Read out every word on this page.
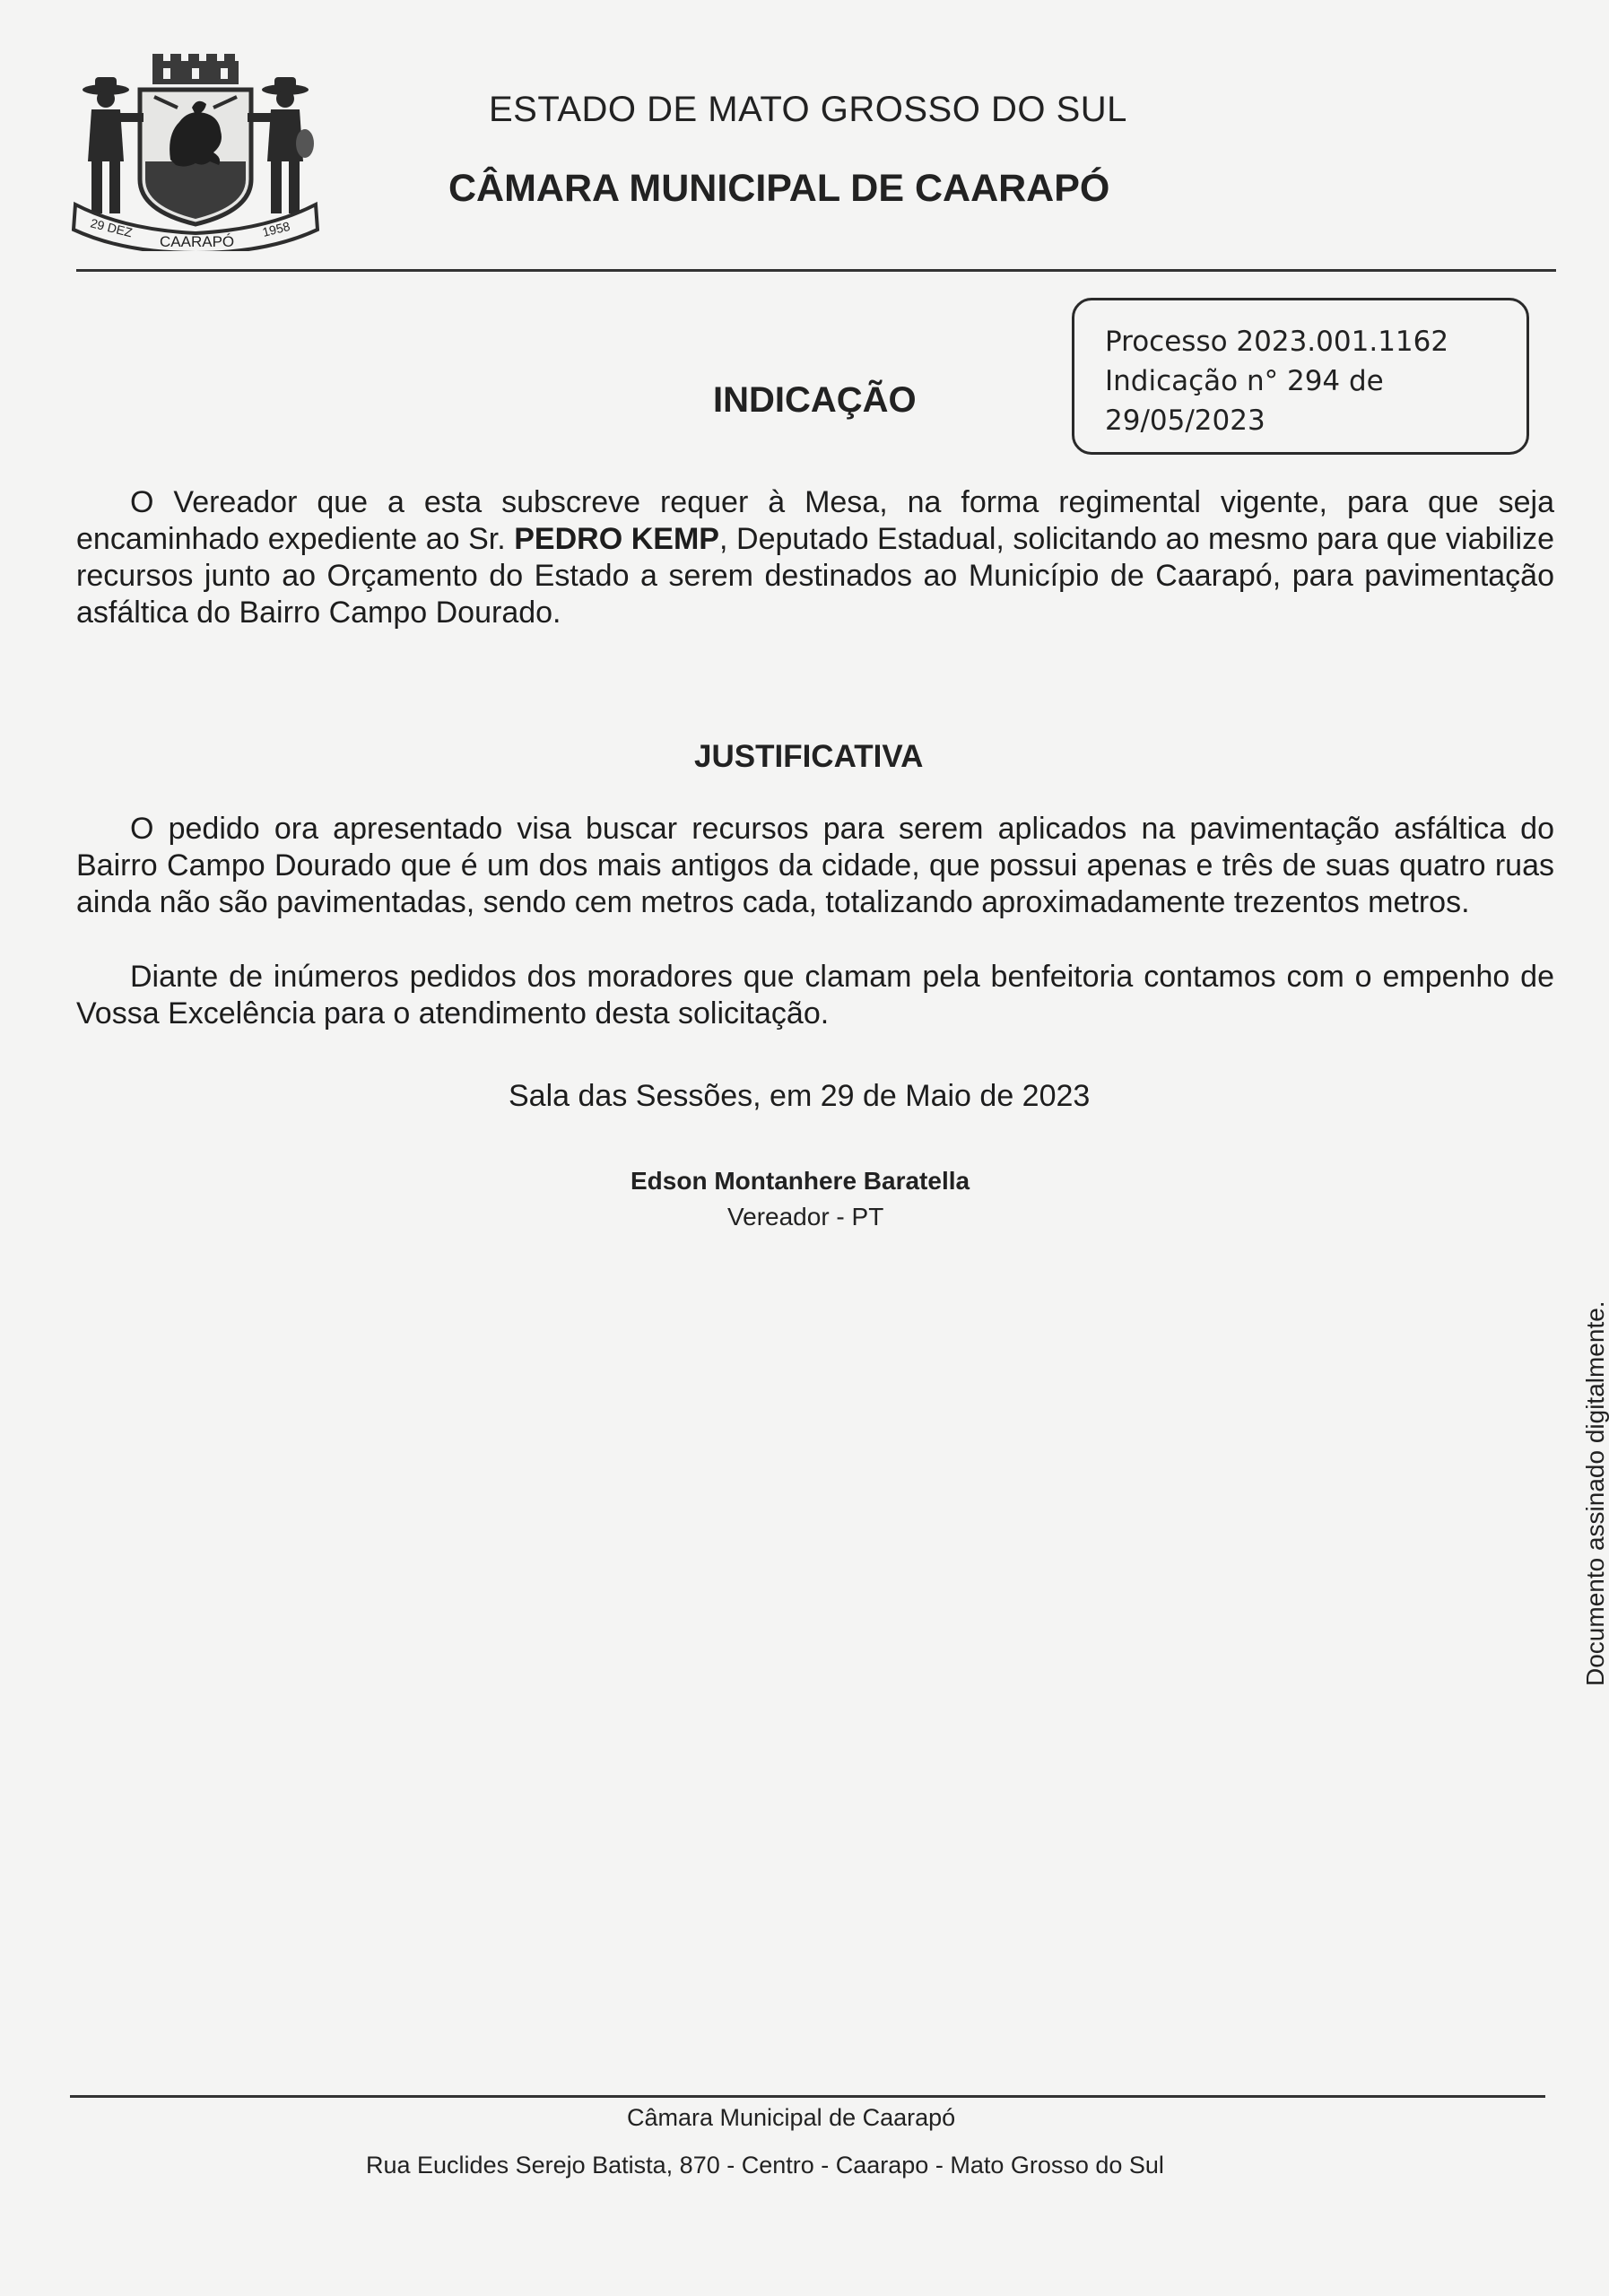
29 DEZ
CAARAPÓ
1958
ESTADO DE MATO GROSSO DO SUL
CÂMARA MUNICIPAL DE CAARAPÓ
Processo 2023.001.1162
Indicação n° 294 de
29/05/2023
INDICAÇÃO
O Vereador que a esta subscreve requer à Mesa, na forma regimental vigente, para que seja encaminhado expediente ao Sr. PEDRO KEMP, Deputado Estadual, solicitando ao mesmo para que viabilize recursos junto ao Orçamento do Estado a serem destinados ao Município de Caarapó, para pavimentação asfáltica do Bairro Campo Dourado.
JUSTIFICATIVA
O pedido ora apresentado visa buscar recursos para serem aplicados na pavimentação asfáltica do Bairro Campo Dourado que é um dos mais antigos da cidade, que possui apenas e três de suas quatro ruas ainda não são pavimentadas, sendo cem metros cada, totalizando aproximadamente trezentos metros.
Diante de inúmeros pedidos dos moradores que clamam pela benfeitoria contamos com o empenho de Vossa Excelência para o atendimento desta solicitação.
Sala das Sessões, em 29 de Maio de 2023
Edson Montanhere Baratella
Vereador - PT
Documento assinado digitalmente.
Câmara Municipal de Caarapó
Rua Euclides Serejo Batista, 870 - Centro - Caarapo - Mato Grosso do Sul
